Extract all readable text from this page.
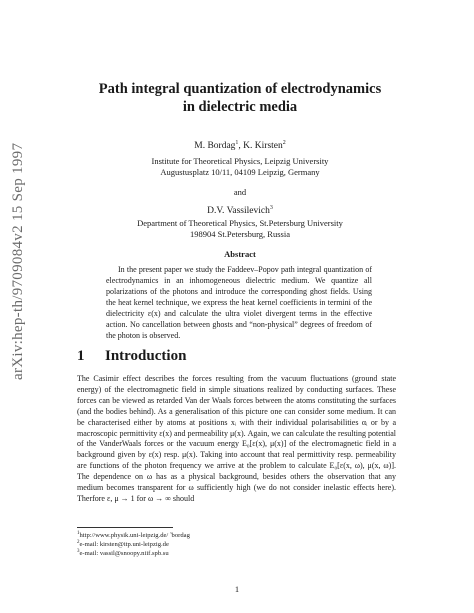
arXiv:hep-th/9709084v2 15 Sep 1997
Path integral quantization of electrodynamics
in dielectric media
M. Bordag$^1$, K. Kirsten$^2$
Institute for Theoretical Physics, Leipzig University
Augustusplatz 10/11, 04109 Leipzig, Germany
and
D.V. Vassilevich$^3$
Department of Theoretical Physics, St.Petersburg University
198904 St.Petersburg, Russia
Abstract
In the present paper we study the Faddeev–Popov path integral quantization of electrodynamics in an inhomogeneous dielectric medium. We quantize all polarizations of the photons and introduce the corresponding ghost fields. Using the heat kernel technique, we express the heat kernel coefficients in termini of the dielectricity ε(x) and calculate the ultra violet divergent terms in the effective action. No cancellation between ghosts and “non-physical” degrees of freedom of the photon is observed.
1 Introduction
The Casimir effect describes the forces resulting from the vacuum fluctuations (ground state energy) of the electromagnetic field in simple situations realized by conducting surfaces. These forces can be viewed as retarded Van der Waals forces between the atoms constituting the surfaces (and the bodies behind). As a generalisation of this picture one can consider some medium. It can be characterised either by atoms at positions xᵢ with their individual polarisabilities αᵢ or by a macroscopic permittivity ε(x) and permeability μ(x). Again, we can calculate the resulting potential of the VanderWaals forces or the vacuum energy E₀[ε(x), μ(x)] of the electromagnetic field in a background given by ε(x) resp. μ(x). Taking into account that real permittivity resp. permeability are functions of the photon frequency we arrive at the problem to calculate E₀[ε(x, ω), μ(x, ω)]. The dependence on ω has as a physical background, besides others the observation that any medium becomes transparent for ω sufficiently high (we do not consider inelastic effects here). Therfore ε, μ → 1 for ω → ∞ should
$^1$http://www.physik.uni-leipzig.de/ ̃ bordag
$^2$e-mail: kirsten@itp.uni-leipzig.de
$^3$e-mail: vassil@snoopy.niif.spb.su
1
